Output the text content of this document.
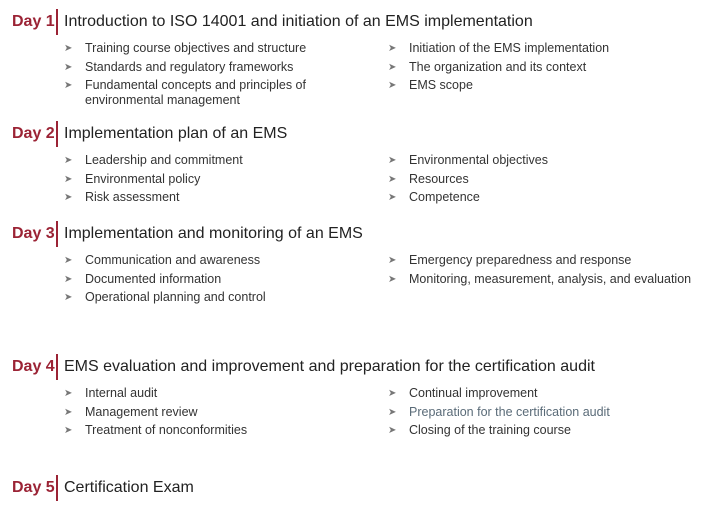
Day 1 Introduction to ISO 14001 and initiation of an EMS implementation
➤ Training course objectives and structure
➤ Standards and regulatory frameworks
➤ Fundamental concepts and principles of environmental management
➤ Initiation of the EMS implementation
➤ The organization and its context
➤ EMS scope
Day 2 Implementation plan of an EMS
➤ Leadership and commitment
➤ Environmental policy
➤ Risk assessment
➤ Environmental objectives
➤ Resources
➤ Competence
Day 3 Implementation and monitoring of an EMS
➤ Communication and awareness
➤ Documented information
➤ Operational planning and control
➤ Emergency preparedness and response
➤ Monitoring, measurement, analysis, and evaluation
Day 4 EMS evaluation and improvement and preparation for the certification audit
➤ Internal audit
➤ Management review
➤ Treatment of nonconformities
➤ Continual improvement
➤ Preparation for the certification audit
➤ Closing of the training course
Day 5 Certification Exam
